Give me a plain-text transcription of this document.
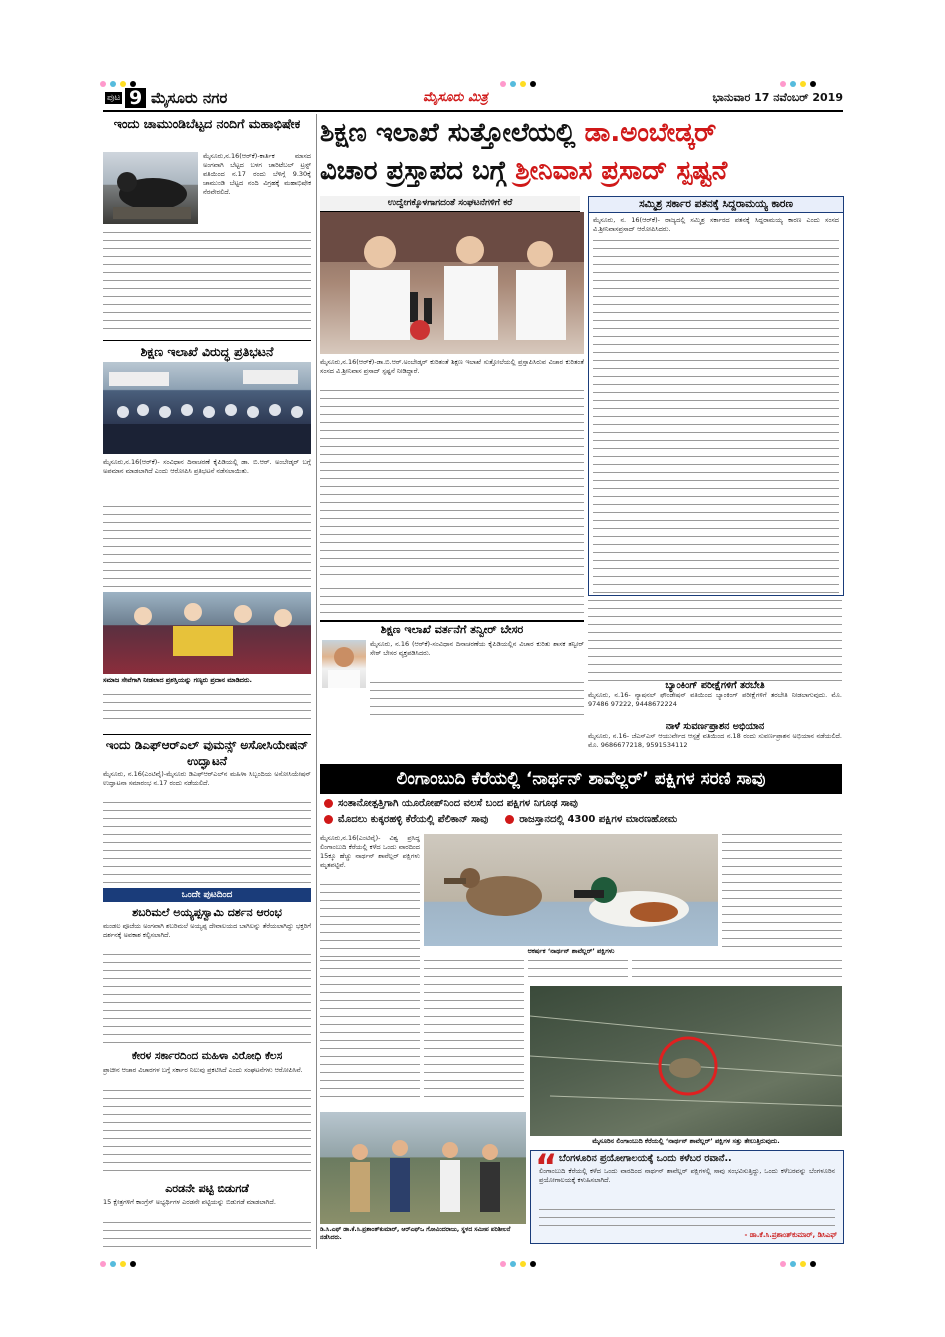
ಪುಟ 9 ಮೈಸೂರು ನಗರ	ಮೈಸೂರು ಮಿತ್ರ	ಭಾನುವಾರ 17 ನವೆಂಬರ್ 2019
ಇಂದು ಚಾಮುಂಡಿಬೆಟ್ಟದ ನಂದಿಗೆ ಮಹಾಭಿಷೇಕ
ಮೈಸೂರು,ನ.16(ಆರ್‌ಕೆ)-ಕಾರ್ತಿಕ ಮಾಸದ ಅಂಗವಾಗಿ ಬೆಟ್ಟದ ಬಳಗ ಚಾರಿಟೆಬಲ್ ಟ್ರಸ್ಟ್ ವತಿಯಿಂದ ನ.17 ರಂದು ಬೆಳಿಗ್ಗೆ 9.30ಕ್ಕೆ ಚಾಮುಂಡಿ ಬೆಟ್ಟದ ನಂದಿ ವಿಗ್ರಹಕ್ಕೆ ಮಹಾಭಿಷೇಕ ನೆರವೇರಲಿದೆ.
ಶಿಕ್ಷಣ ಇಲಾಖೆ ವಿರುದ್ಧ ಪ್ರತಿಭಟನೆ
ಮೈಸೂರು,ನ.16(ಆರ್‌ಕೆ)- ಸಂವಿಧಾನ ದಿನಾಚರಣೆ ಕೈಪಿಡಿಯಲ್ಲಿ ಡಾ. ಬಿ.ಆರ್. ಅಂಬೇಡ್ಕರ್ ಬಗ್ಗೆ ಅಪಮಾನ ಮಾಡಲಾಗಿದೆ ಎಂದು ಆರೋಪಿಸಿ ಪ್ರತಿಭಟನೆ ನಡೆಸಲಾಯಿತು.
ಸಮಾಜ ಸೇವೆಗಾಗಿ ನೀಡಲಾದ ಪ್ರಶಸ್ತಿಯನ್ನು ಗಣ್ಯರು ಪ್ರದಾನ ಮಾಡಿದರು.
ಇಂದು ಡಿಎಫ್‌ಆರ್‌ಎಲ್ ವುಮನ್ಸ್ ಅಸೋಸಿಯೇಷನ್ ಉದ್ಘಾಟನೆ
ಮೈಸೂರು, ನ.16(ಎಂಟಿವೈ)-ಮೈಸೂರು ಡಿಎಫ್‌ಆರ್‌ಎಲ್‌ನ ಮಹಿಳಾ ಸಿಬ್ಬಂದಿಯ ಅಸೋಸಿಯೇಷನ್ ಉದ್ಘಾಟನಾ ಸಮಾರಂಭ ನ.17 ರಂದು ನಡೆಯಲಿದೆ.
ಒಂದೇ ಪುಟದಿಂದ
ಶಬರಿಮಲೆ ಅಯ್ಯಪ್ಪಸ್ವಾಮಿ ದರ್ಶನ ಆರಂಭ
ಮಂಡಲ ಪೂಜೆಯ ಅಂಗವಾಗಿ ಶಬರಿಮಲೆ ಅಯ್ಯಪ್ಪ ದೇವಾಲಯದ ಬಾಗಿಲನ್ನು ತೆರೆಯಲಾಗಿದ್ದು ಭಕ್ತರಿಗೆ ದರ್ಶನಕ್ಕೆ ಅವಕಾಶ ಕಲ್ಪಿಸಲಾಗಿದೆ.
ಕೇರಳ ಸರ್ಕಾರದಿಂದ ಮಹಿಳಾ ವಿರೋಧಿ ಕೆಲಸ
ಪ್ರಾಚೀನ ಆಚಾರ ವಿಚಾರಗಳ ಬಗ್ಗೆ ಸರ್ಕಾರ ನಿಲುವು ಪ್ರಕಟಿಸಿದೆ ಎಂದು ಸಂಘಟನೆಗಳು ಆರೋಪಿಸಿವೆ.
ಎರಡನೇ ಪಟ್ಟಿ ಬಿಡುಗಡೆ
15 ಕ್ಷೇತ್ರಗಳಿಗೆ ಕಾಂಗ್ರೆಸ್ ಅಭ್ಯರ್ಥಿಗಳ ಎರಡನೇ ಪಟ್ಟಿಯನ್ನು ಬಿಡುಗಡೆ ಮಾಡಲಾಗಿದೆ.
ಶಿಕ್ಷಣ ಇಲಾಖೆ ಸುತ್ತೋಲೆಯಲ್ಲಿ ಡಾ.ಅಂಬೇಡ್ಕರ್
ವಿಚಾರ ಪ್ರಸ್ತಾಪದ ಬಗ್ಗೆ ಶ್ರೀನಿವಾಸ ಪ್ರಸಾದ್ ಸ್ಪಷ್ಟನೆ
ಉದ್ವೇಗಕ್ಕೊಳಗಾಗದಂತೆ ಸಂಘಟನೆಗಳಿಗೆ ಕರೆ
ಮೈಸೂರು,ನ.16(ಆರ್‌ಕೆ)-ಡಾ.ಬಿ.ಆರ್.ಅಂಬೇಡ್ಕರ್ ಕುರಿತಂತೆ ಶಿಕ್ಷಣ ಇಲಾಖೆ ಸುತ್ತೋಲೆಯಲ್ಲಿ ಪ್ರಸ್ತಾಪಿಸಿರುವ ವಿಚಾರ ಕುರಿತಂತೆ ಸಂಸದ ವಿ.ಶ್ರೀನಿವಾಸ ಪ್ರಸಾದ್ ಸ್ಪಷ್ಟನೆ ನೀಡಿದ್ದಾರೆ.
ಸಮ್ಮಿಶ್ರ ಸರ್ಕಾರ ಪತನಕ್ಕೆ ಸಿದ್ದರಾಮಯ್ಯ ಕಾರಣ
ಮೈಸೂರು, ನ. 16(ಆರ್‌ಕೆ)- ರಾಜ್ಯದಲ್ಲಿ ಸಮ್ಮಿಶ್ರ ಸರ್ಕಾರದ ಪತನಕ್ಕೆ ಸಿದ್ದರಾಮಯ್ಯ ಕಾರಣ ಎಂದು ಸಂಸದ ವಿ.ಶ್ರೀನಿವಾಸಪ್ರಸಾದ್ ಆರೋಪಿಸಿದರು.
ಶಿಕ್ಷಣ ಇಲಾಖೆ ವರ್ತನೆಗೆ ತನ್ವೀರ್ ಬೇಸರ
ಮೈಸೂರು, ನ.16 (ಆರ್‌ಕೆ)-ಸಂವಿಧಾನ ದಿನಾಚರಣೆಯ ಕೈಪಿಡಿಯಲ್ಲಿನ ವಿಚಾರ ಕುರಿತು ಶಾಸಕ ತನ್ವೀರ್ ಸೇಠ್ ಬೇಸರ ವ್ಯಕ್ತಪಡಿಸಿದರು.
ಬ್ಯಾಂಕಿಂಗ್ ಪರೀಕ್ಷೆಗಳಿಗೆ ತರಬೇತಿ
ಮೈಸೂರು, ನ.16- ನ್ಯಾಷನಲ್ ಫೌಂಡೇಷನ್ ವತಿಯಿಂದ ಬ್ಯಾಂಕಿಂಗ್ ಪರೀಕ್ಷೆಗಳಿಗೆ ತರಬೇತಿ ನೀಡಲಾಗುವುದು. ಮೊ. 97486 97222, 9448672224
ನಾಳೆ ಸುವರ್ಣಪ್ರಾಶನ ಅಭಿಯಾನ
ಮೈಸೂರು, ನ.16- ಜೆಎಸ್‌ಎಸ್ ಆಯುರ್ವೇದ ಆಸ್ಪತ್ರೆ ವತಿಯಿಂದ ನ.18 ರಂದು ಸುವರ್ಣಪ್ರಾಶನ ಅಭಿಯಾನ ನಡೆಯಲಿದೆ. ಮೊ. 9686677218, 9591534112
ಲಿಂಗಾಂಬುದಿ ಕೆರೆಯಲ್ಲಿ ‘ನಾರ್ಥನ್ ಶಾವೆಲ್ಲರ್’ ಪಕ್ಷಿಗಳ ಸರಣಿ ಸಾವು
ಸಂತಾನೋತ್ಪತ್ತಿಗಾಗಿ ಯೂರೋಪ್‌ನಿಂದ ವಲಸೆ ಬಂದ ಪಕ್ಷಿಗಳ ನಿಗೂಢ ಸಾವು
ಮೊದಲು ಕುಕ್ಕರಹಳ್ಳಿ ಕೆರೆಯಲ್ಲಿ ಪೆಲಿಕಾನ್ ಸಾವು	ರಾಜಸ್ತಾನದಲ್ಲಿ 4300 ಪಕ್ಷಿಗಳ ಮಾರಣಹೋಮ
ಮೈಸೂರು,ನ.16(ಎಂಟಿವೈ)- ವಿಶ್ವ ಪ್ರಸಿದ್ಧ ಲಿಂಗಾಂಬುದಿ ಕೆರೆಯಲ್ಲಿ ಕಳೆದ ಒಂದು ವಾರದಿಂದ 15ಕ್ಕೂ ಹೆಚ್ಚು ನಾರ್ಥನ್ ಶಾವೆಲ್ಲರ್ ಪಕ್ಷಿಗಳು ಮೃತಪಟ್ಟಿವೆ.
ಆಕರ್ಷಕ ‘ನಾರ್ಥನ್ ಶಾವೆಲ್ಲರ್’ ಪಕ್ಷಿಗಳು
ಮೈಸೂರಿನ ಲಿಂಗಾಂಬುದಿ ಕೆರೆಯಲ್ಲಿ ‘ನಾರ್ಥನ್ ಶಾವೆಲ್ಲರ್’ ಪಕ್ಷಿಗಳ ಸತ್ತು ತೇಲುತ್ತಿರುವುದು.
ಡಿ.ಸಿ.ಎಫ್ ಡಾ.ಕೆ.ಸಿ.ಪ್ರಶಾಂತ್‌ಕುಮಾರ್, ಆರ್‌ಎಫ್‌ಒ ಗೋವಿಂದರಾಜು, ಸ್ಥಳದ ಸಮೀಪ ಪರಿಶೀಲನೆ ನಡೆಸಿದರು.
“ ಬೆಂಗಳೂರಿನ ಪ್ರಯೋಗಾಲಯಕ್ಕೆ ಒಂದು ಕಳೆಬರ ರವಾನೆ..
ಲಿಂಗಾಂಬುದಿ ಕೆರೆಯಲ್ಲಿ ಕಳೆದ ಒಂದು ವಾರದಿಂದ ನಾರ್ಥನ್ ಶಾವೆಲ್ಲರ್ ಪಕ್ಷಿಗಳಲ್ಲಿ ಸಾವು ಸಂಭವಿಸುತ್ತಿದ್ದು, ಒಂದು ಕಳೆಬರವನ್ನು ಬೆಂಗಳೂರಿನ ಪ್ರಯೋಗಾಲಯಕ್ಕೆ ಕಳುಹಿಸಲಾಗಿದೆ.
- ಡಾ.ಕೆ.ಸಿ.ಪ್ರಶಾಂತ್‌ಕುಮಾರ್, ಡಿಸಿಎಫ್
